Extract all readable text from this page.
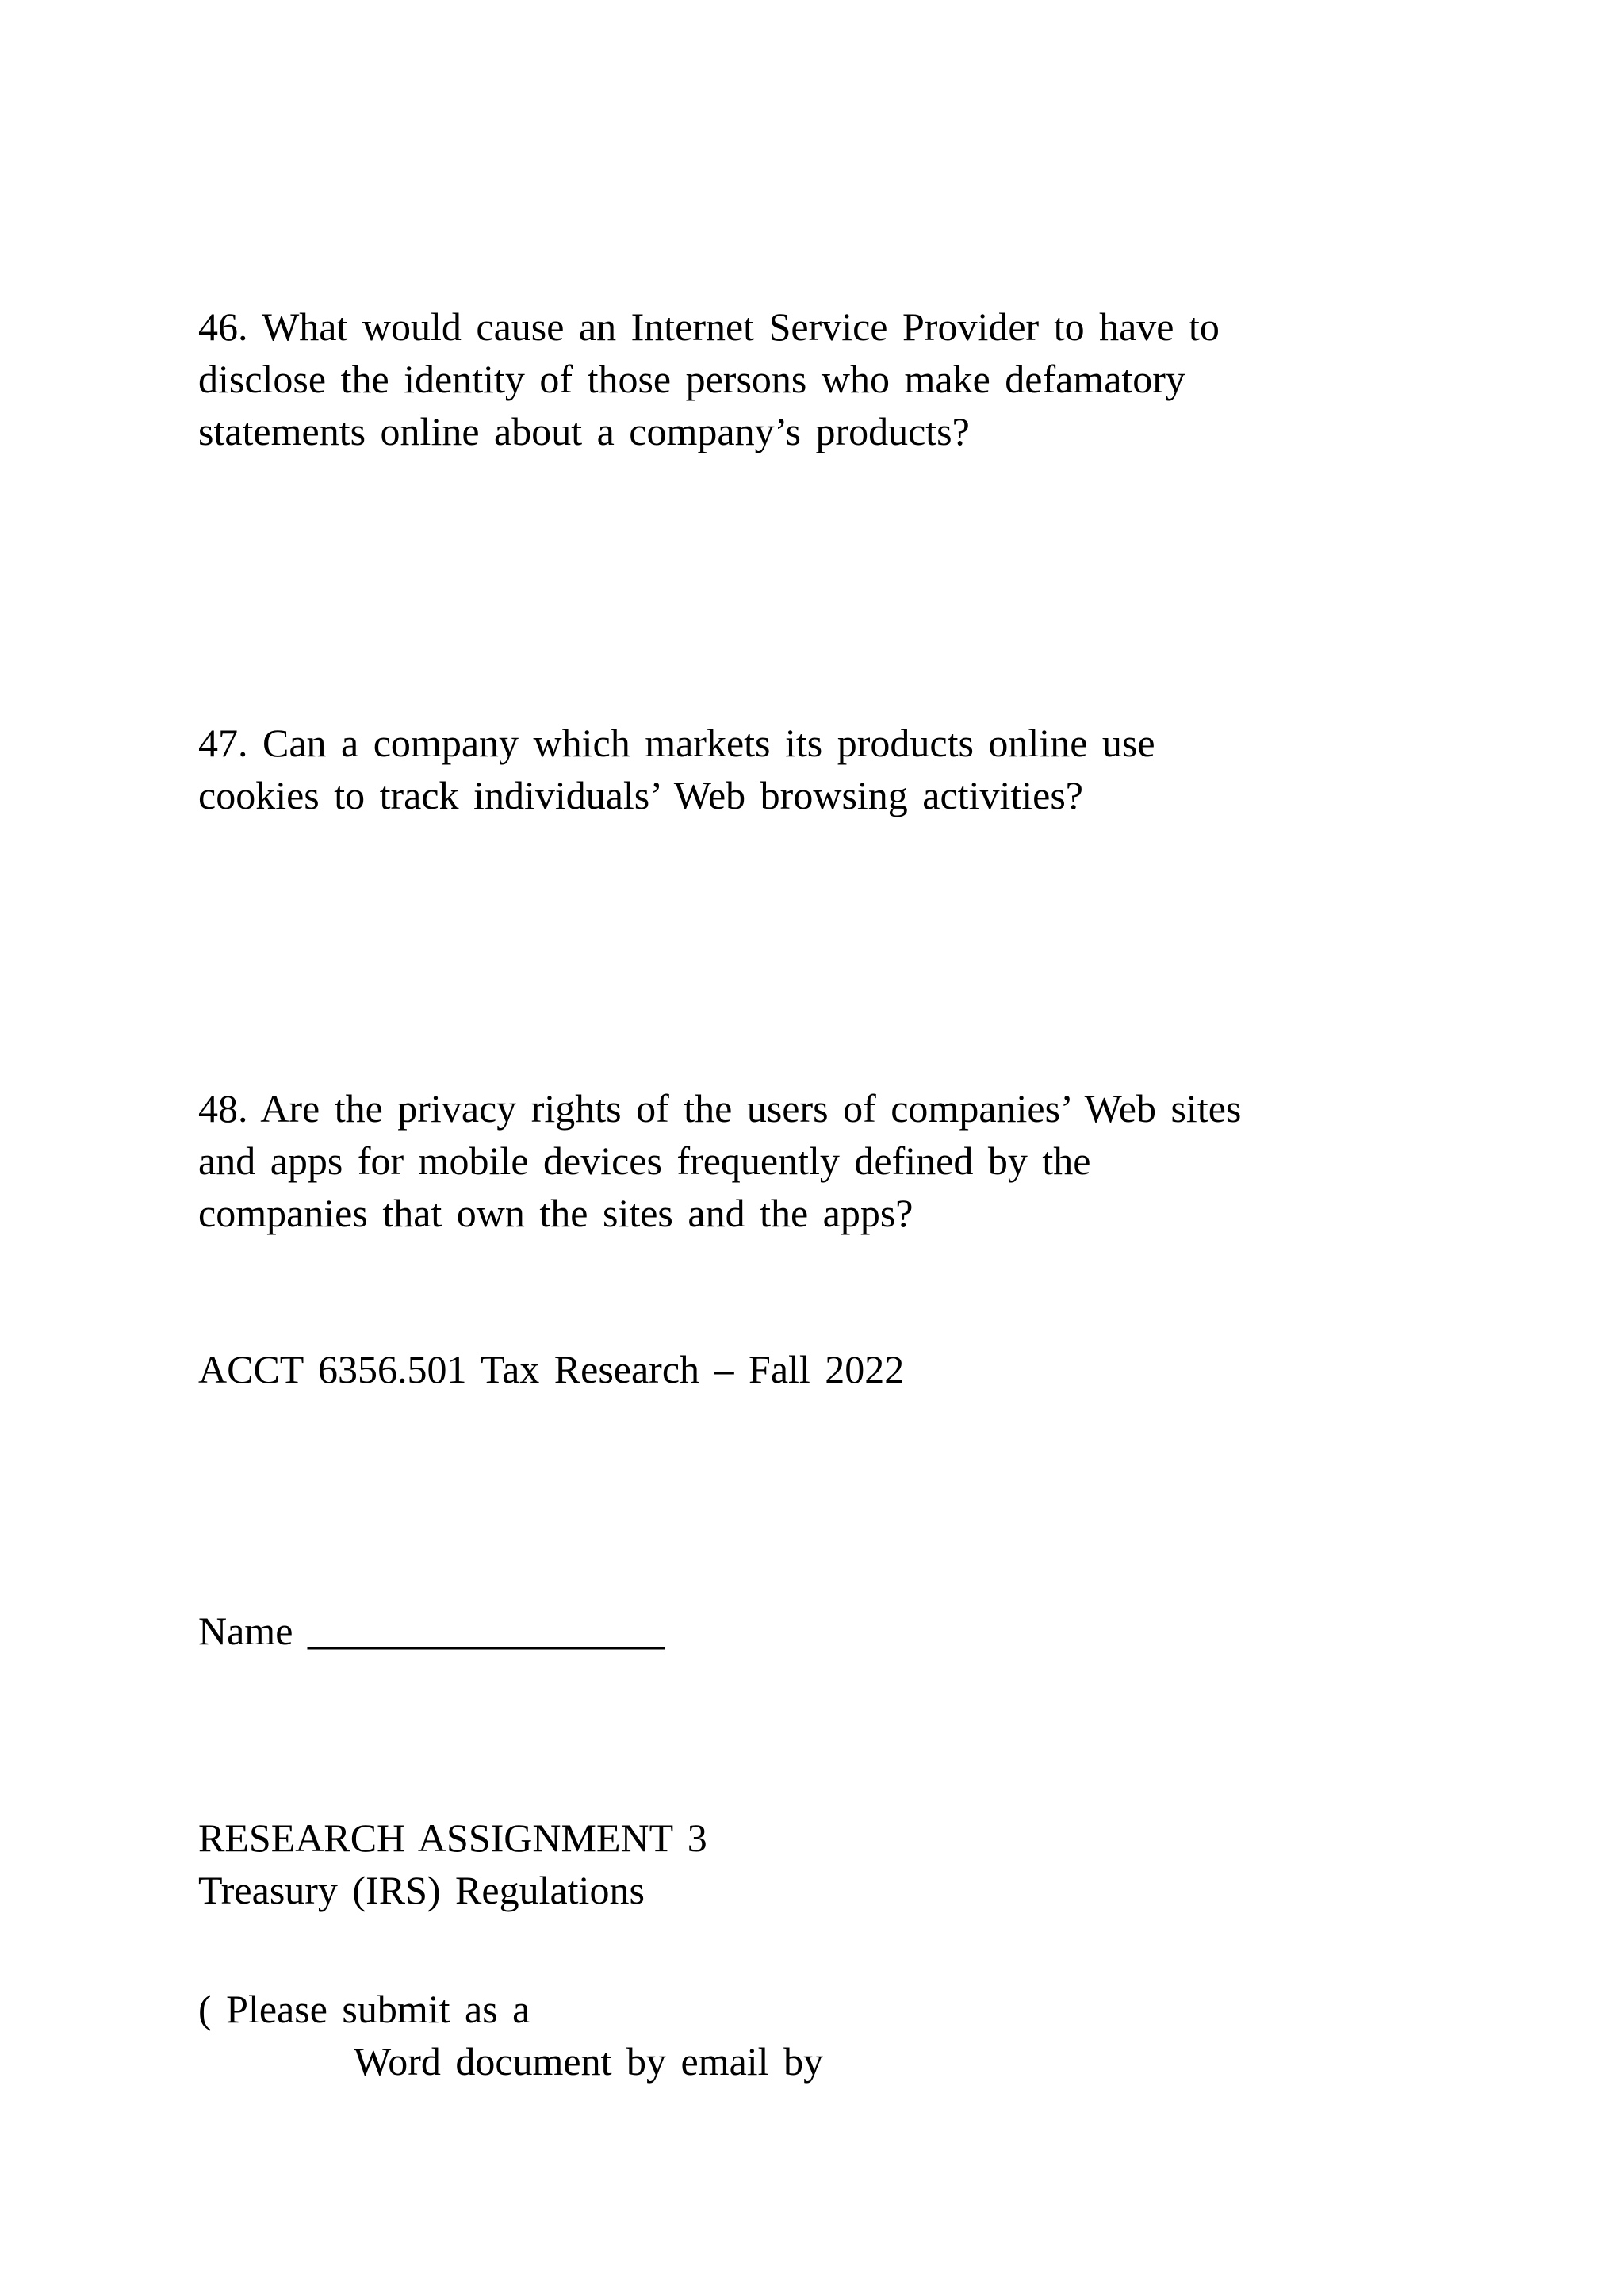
46. What would cause an Internet Service Provider to have to
disclose the identity of those persons who make defamatory
statements online about a company’s products?
47. Can a company which markets its products online use
cookies to track individuals’ Web browsing activities?
48. Are the privacy rights of the users of companies’ Web sites
and apps for mobile devices frequently defined by the
companies that own the sites and the apps?
ACCT 6356.501 Tax Research – Fall 2022
Name __________________
RESEARCH ASSIGNMENT 3
Treasury (IRS) Regulations
( Please submit as a
Word document by email by
